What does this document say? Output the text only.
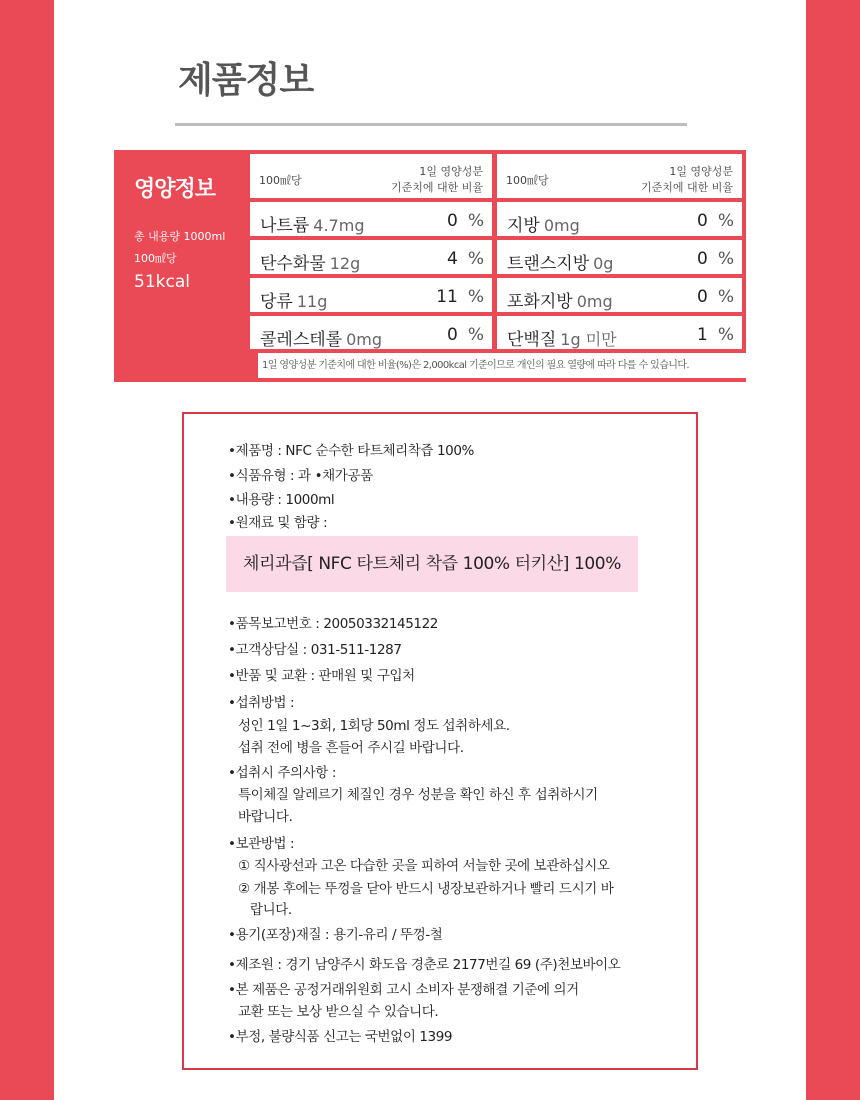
제품정보
영양정보
총 내용량 1000ml
100㎖당
51kcal
100㎖당
1일 영양성분
기준치에 대한 비율
100㎖당
1일 영양성분
기준치에 대한 비율
나트륨 4.7mg	0 % 지방 0mg	0 %
탄수화물 12g	4 % 트랜스지방 0g	0 %
당류 11g	11 % 포화지방 0mg	0 %
콜레스테롤 0mg	0 % 단백질 1g 미만	1 %
1일 영양성분 기준치에 대한 비율(%)은 2,000kcal 기준이므로 개인의 필요 열량에 따라 다를 수 있습니다.
•제품명 : NFC 순수한 타트체리착즙 100%
•식품유형 : 과 •채가공품
•내용량 : 1000ml
•원재료 및 함량 :
체리과즙[ NFC 타트체리 착즙 100% 터키산] 100%
•품목보고번호 : 20050332145122
•고객상담실 : 031-511-1287
•반품 및 교환 : 판매원 및 구입처
•섭취방법 :
성인 1일 1~3회, 1회당 50ml 정도 섭취하세요.
섭취 전에 병을 흔들어 주시길 바랍니다.
•섭취시 주의사항 :
특이체질 알레르기 체질인 경우 성분을 확인 하신 후 섭취하시기
바랍니다.
•보관방법 :
① 직사광선과 고온 다습한 곳을 피하여 서늘한 곳에 보관하십시오
② 개봉 후에는 뚜껑을 닫아 반드시 냉장보관하거나 빨리 드시기 바
랍니다.
•용기(포장)재질 : 용기-유리 / 뚜껑-철
•제조원 : 경기 남양주시 화도읍 경춘로 2177번길 69 (주)천보바이오
•본 제품은 공정거래위원회 고시 소비자 분쟁해결 기준에 의거
교환 또는 보상 받으실 수 있습니다.
•부정, 불량식품 신고는 국번없이 1399
